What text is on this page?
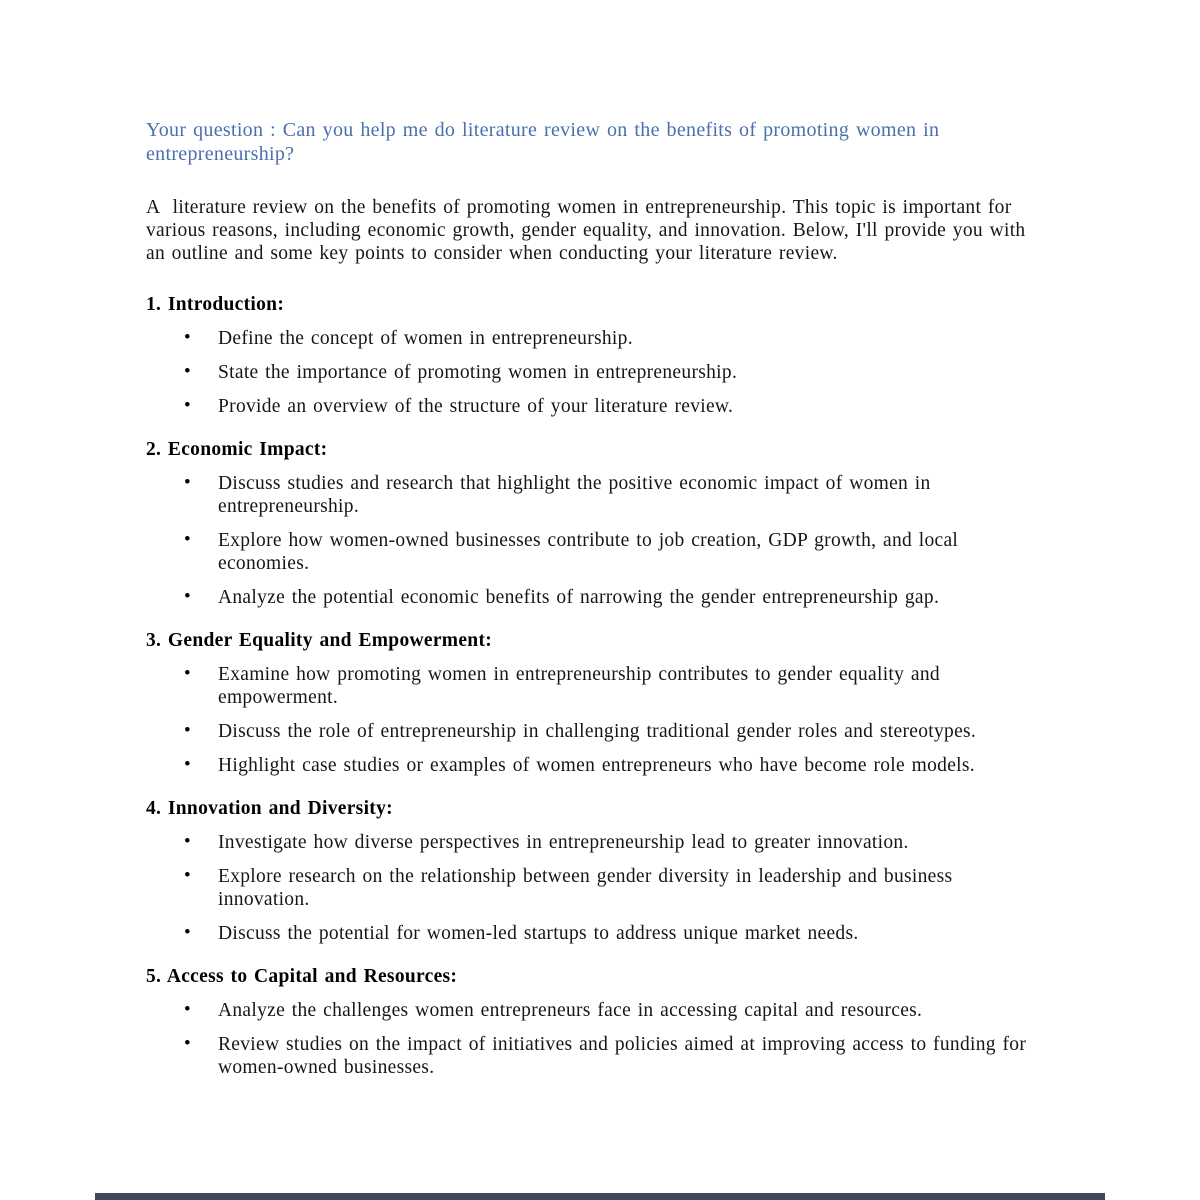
Your question : Can you help me do literature review on the benefits of promoting women in entrepreneurship?

A  literature review on the benefits of promoting women in entrepreneurship. This topic is important for various reasons, including economic growth, gender equality, and innovation. Below, I'll provide you with an outline and some key points to consider when conducting your literature review.

1. Introduction:
• Define the concept of women in entrepreneurship.
• State the importance of promoting women in entrepreneurship.
• Provide an overview of the structure of your literature review.
2. Economic Impact:
• Discuss studies and research that highlight the positive economic impact of women in entrepreneurship.
• Explore how women-owned businesses contribute to job creation, GDP growth, and local economies.
• Analyze the potential economic benefits of narrowing the gender entrepreneurship gap.
3. Gender Equality and Empowerment:
• Examine how promoting women in entrepreneurship contributes to gender equality and empowerment.
• Discuss the role of entrepreneurship in challenging traditional gender roles and stereotypes.
• Highlight case studies or examples of women entrepreneurs who have become role models.
4. Innovation and Diversity:
• Investigate how diverse perspectives in entrepreneurship lead to greater innovation.
• Explore research on the relationship between gender diversity in leadership and business innovation.
• Discuss the potential for women-led startups to address unique market needs.
5. Access to Capital and Resources:
• Analyze the challenges women entrepreneurs face in accessing capital and resources.
• Review studies on the impact of initiatives and policies aimed at improving access to funding for women-owned businesses.
